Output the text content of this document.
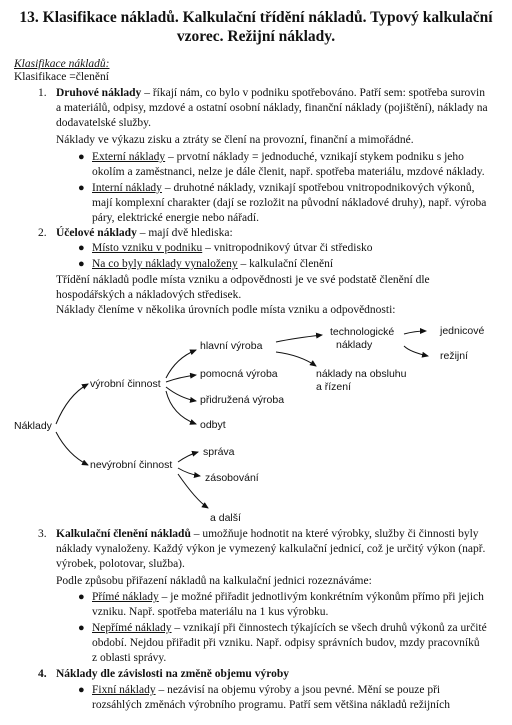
13. Klasifikace nákladů. Kalkulační třídění nákladů. Typový kalkulační
vzorec. Režijní náklady.
Klasifikace nákladů:
Klasifikace =členění
1. Druhové náklady – říkají nám, co bylo v podniku spotřebováno. Patří sem: spotřeba surovin
a materiálů, odpisy, mzdové a ostatní osobní náklady, finanční náklady (pojištění), náklady na
dodavatelské služby.
Náklady ve výkazu zisku a ztráty se člení na provozní, finanční a mimořádné.
● Externí náklady – prvotní náklady = jednoduché, vznikají stykem podniku s jeho
okolím a zaměstnanci, nelze je dále členit, např. spotřeba materiálu, mzdové náklady.
● Interní náklady – druhotné náklady, vznikají spotřebou vnitropodnikových výkonů,
mají komplexní charakter (dají se rozložit na původní nákladové druhy), např. výroba
páry, elektrické energie nebo nářadí.
2. Účelové náklady – mají dvě hlediska:
● Místo vzniku v podniku – vnitropodnikový útvar či středisko
● Na co byly náklady vynaloženy – kalkulační členění
Třídění nákladů podle místa vzniku a odpovědnosti je ve své podstatě členění dle
hospodářských a nákladových středisek.
Náklady členíme v několika úrovních podle místa vzniku a odpovědnosti:
Náklady
výrobní činnost
nevýrobní činnost
hlavní výroba
pomocná výroba
přidružená výroba
odbyt
technologické
náklady
náklady na obsluhu
a řízení
jednicové
režijní
správa
zásobování
a další
3. Kalkulační členění nákladů – umožňuje hodnotit na které výrobky, služby či činnosti byly
náklady vynaloženy. Každý výkon je vymezený kalkulační jednicí, což je určitý výkon (např.
výrobek, polotovar, služba).
Podle způsobu přiřazení nákladů na kalkulační jednici rozeznáváme:
● Přímé náklady – je možné přiřadit jednotlivým konkrétním výkonům přímo při jejich
vzniku. Např. spotřeba materiálu na 1 kus výrobku.
● Nepřímé náklady – vznikají při činnostech týkajících se všech druhů výkonů za určité
období. Nejdou přiřadit při vzniku. Např. odpisy správních budov, mzdy pracovníků
z oblasti správy.
4. Náklady dle závislosti na změně objemu výroby
● Fixní náklady – nezávisí na objemu výroby a jsou pevné. Mění se pouze při
rozsáhlých změnách výrobního programu. Patří sem většina nákladů režijních
